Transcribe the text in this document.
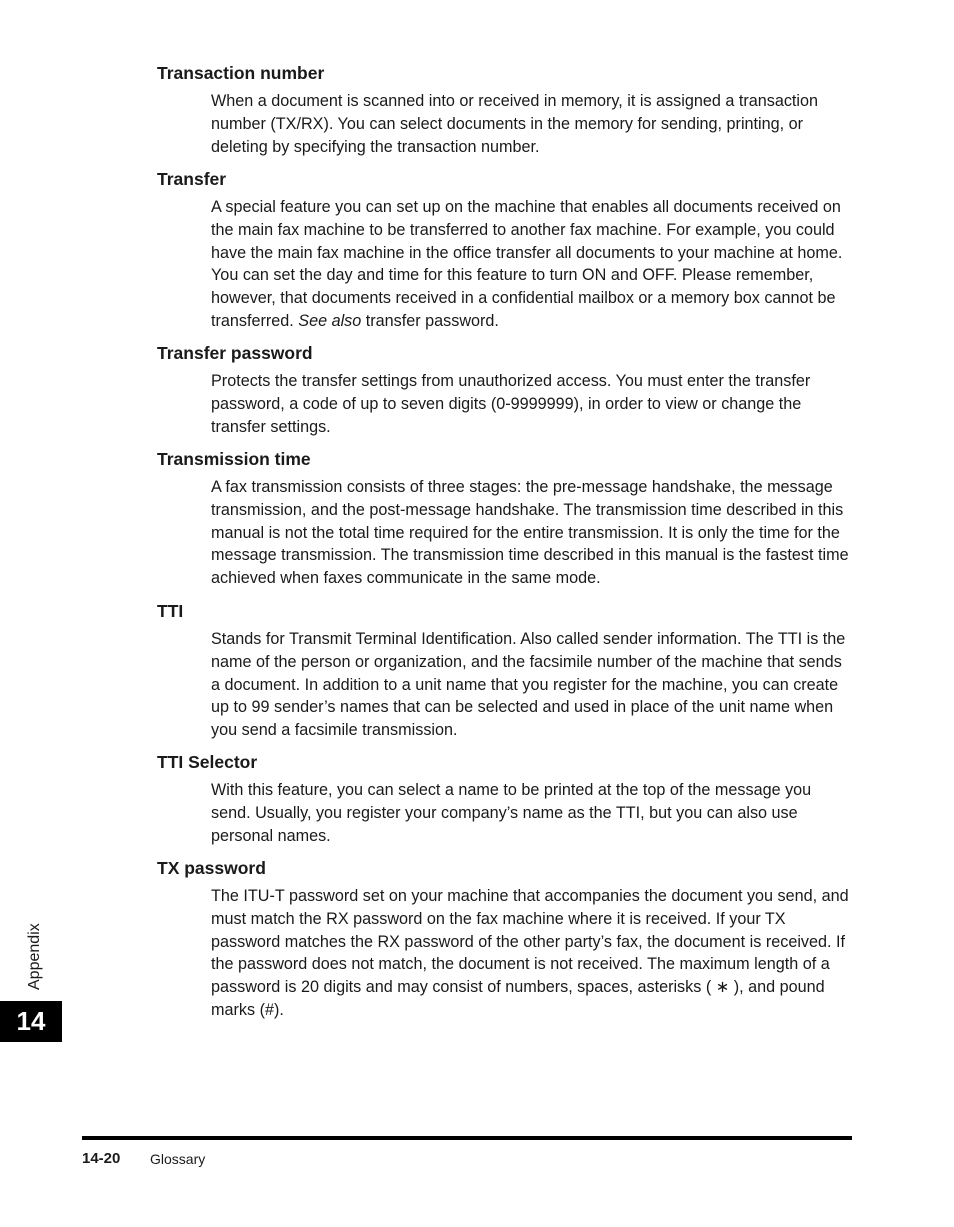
Transaction number

When a document is scanned into or received in memory, it is assigned a transaction number (TX/RX). You can select documents in the memory for sending, printing, or deleting by specifying the transaction number.

Transfer

A special feature you can set up on the machine that enables all documents received on the main fax machine to be transferred to another fax machine. For example, you could have the main fax machine in the office transfer all documents to your machine at home. You can set the day and time for this feature to turn ON and OFF. Please remember, however, that documents received in a confidential mailbox or a memory box cannot be transferred. See also transfer password.

Transfer password

Protects the transfer settings from unauthorized access. You must enter the transfer password, a code of up to seven digits (0-9999999), in order to view or change the transfer settings.

Transmission time

A fax transmission consists of three stages: the pre-message handshake, the message transmission, and the post-message handshake. The transmission time described in this manual is not the total time required for the entire transmission. It is only the time for the message transmission. The transmission time described in this manual is the fastest time achieved when faxes communicate in the same mode.

TTI

Stands for Transmit Terminal Identification. Also called sender information. The TTI is the name of the person or organization, and the facsimile number of the machine that sends a document. In addition to a unit name that you register for the machine, you can create up to 99 sender’s names that can be selected and used in place of the unit name when you send a facsimile transmission.

TTI Selector

With this feature, you can select a name to be printed at the top of the message you send. Usually, you register your company’s name as the TTI, but you can also use personal names.

TX password

The ITU-T password set on your machine that accompanies the document you send, and must match the RX password on the fax machine where it is received. If your TX password matches the RX password of the other party’s fax, the document is received. If the password does not match, the document is not received. The maximum length of a password is 20 digits and may consist of numbers, spaces, asterisks ( ∗ ), and pound marks (#).

Appendix
14
14-20 Glossary
